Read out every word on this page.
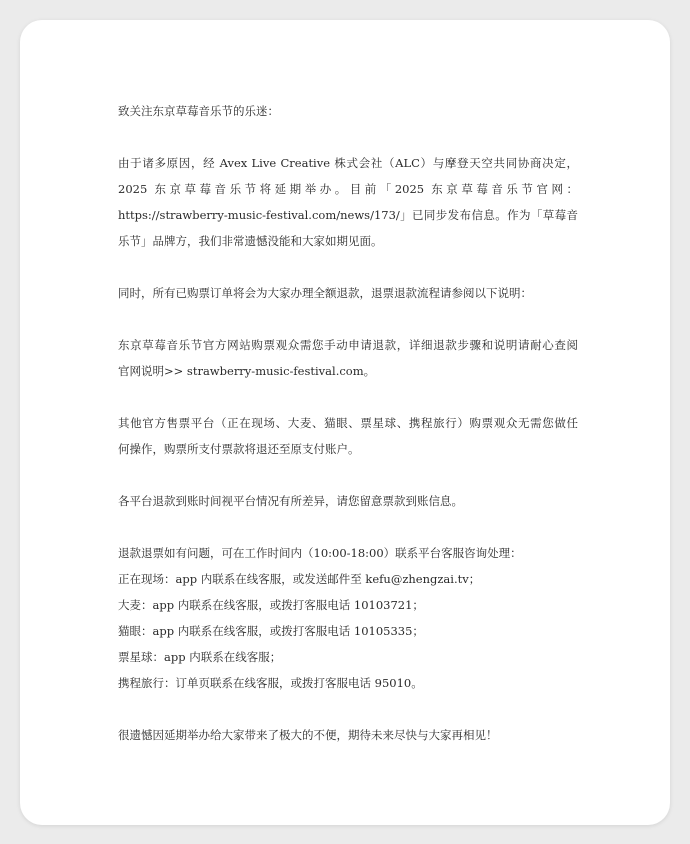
致关注东京草莓音乐节的乐迷：

由于诸多原因，经 Avex Live Creative 株式会社（ALC）与摩登天空共同协商决定，
2025 东京草莓音乐节将延期举办。目前「2025 东京草莓音乐节官网：
https://strawberry-music-festival.com/news/173/」已同步发布信息。作为「草莓音
乐节」品牌方，我们非常遗憾没能和大家如期见面。

同时，所有已购票订单将会为大家办理全额退款，退票退款流程请参阅以下说明：

东京草莓音乐节官方网站购票观众需您手动申请退款，详细退款步骤和说明请耐心查阅
官网说明>> strawberry-music-festival.com。

其他官方售票平台（正在现场、大麦、猫眼、票星球、携程旅行）购票观众无需您做任
何操作，购票所支付票款将退还至原支付账户。

各平台退款到账时间视平台情况有所差异，请您留意票款到账信息。

退款退票如有问题，可在工作时间内（10:00-18:00）联系平台客服咨询处理：
正在现场：app 内联系在线客服，或发送邮件至 kefu@zhengzai.tv；
大麦：app 内联系在线客服，或拨打客服电话 10103721；
猫眼：app 内联系在线客服，或拨打客服电话 10105335；
票星球：app 内联系在线客服；
携程旅行：订单页联系在线客服，或拨打客服电话 95010。

很遗憾因延期举办给大家带来了极大的不便，期待未来尽快与大家再相见！
